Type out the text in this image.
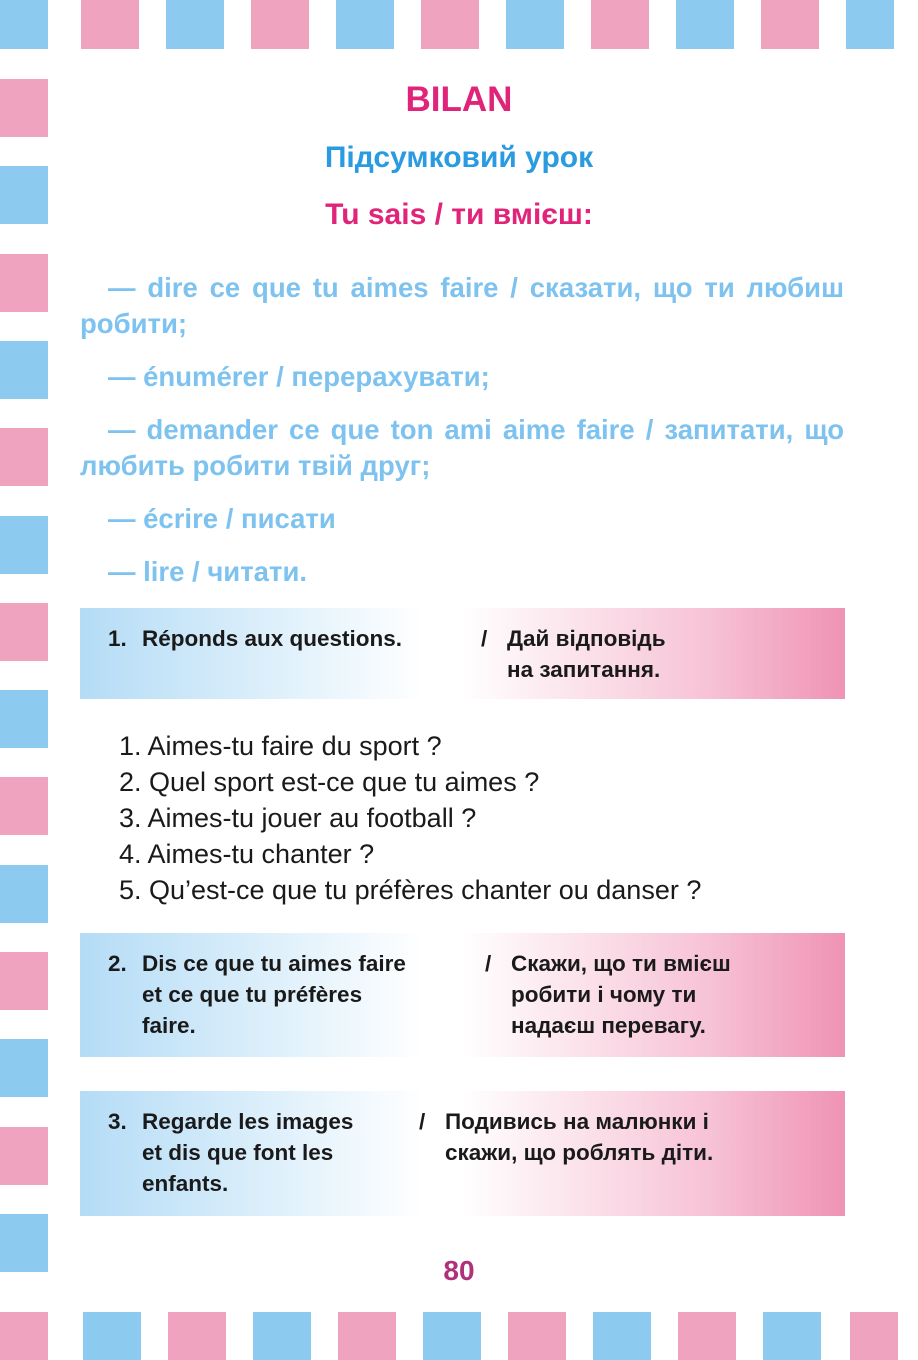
BILAN
Підсумковий урок
Tu sais / ти вмієш:

— dire ce que tu aimes faire / сказати, що ти любиш робити;

— énumérer / перерахувати;

— demander ce que ton ami aime faire / запитати, що любить робити твій друг;

— écrire / писати

— lire / читати.

1. Réponds aux questions.	/ Дай відповідь
на запитання.
1. Aimes-tu faire du sport ?
2. Quel sport est-ce que tu aimes ?
3. Aimes-tu jouer au football ?
4. Aimes-tu chanter ?
5. Qu’est-ce que tu préfères chanter ou danser ?
2. Dis ce que tu aimes faire
et ce que tu préfères
faire.
/ Скажи, що ти вмієш
робити і чому ти
надаєш перевагу.
3. Regarde les images
et dis que font les
enfants.
/ Подивись на малюнки і
скажи, що роблять діти.
80
